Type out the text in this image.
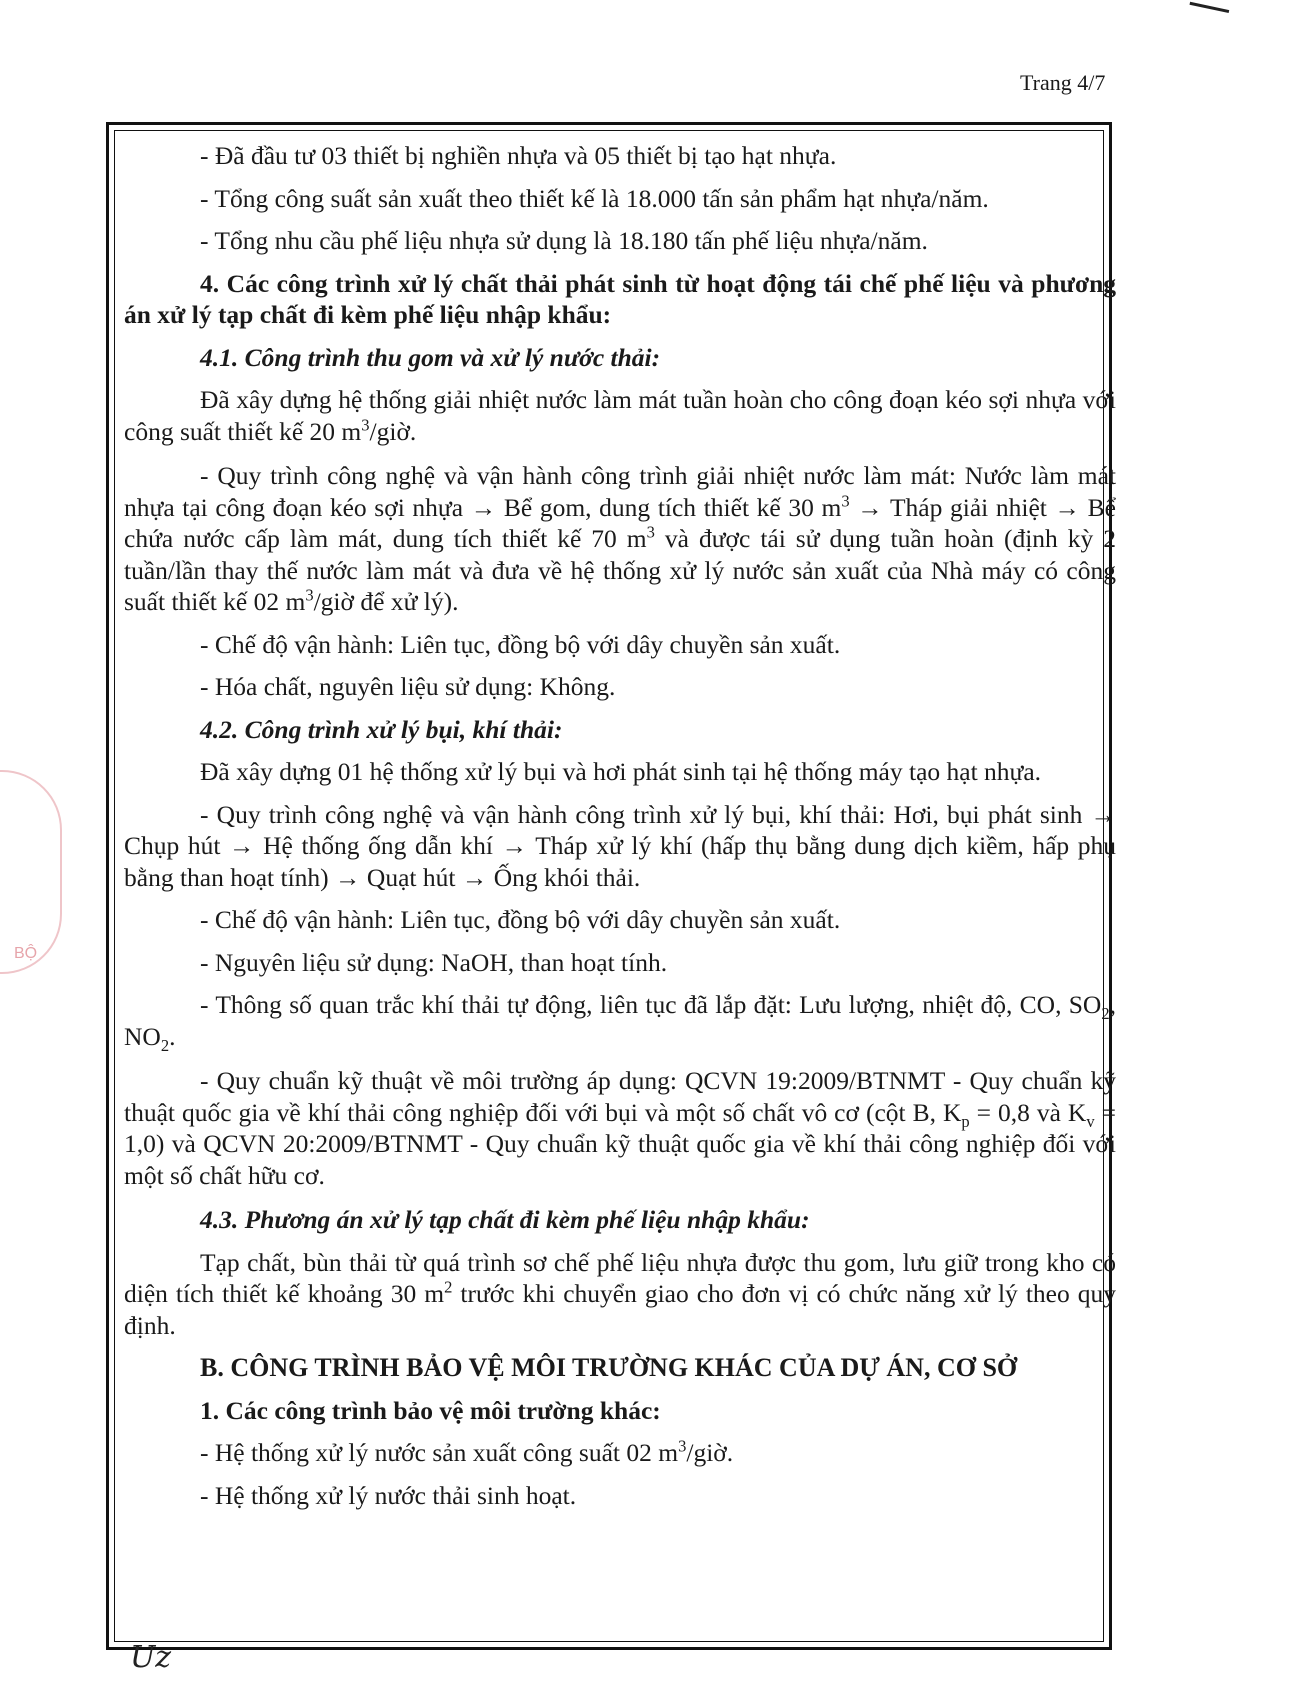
Trang 4/7
BỘ

- Đã đầu tư 03 thiết bị nghiền nhựa và 05 thiết bị tạo hạt nhựa.

- Tổng công suất sản xuất theo thiết kế là 18.000 tấn sản phẩm hạt nhựa/năm.

- Tổng nhu cầu phế liệu nhựa sử dụng là 18.180 tấn phế liệu nhựa/năm.

4. Các công trình xử lý chất thải phát sinh từ hoạt động tái chế phế liệu và phương án xử lý tạp chất đi kèm phế liệu nhập khẩu:

4.1. Công trình thu gom và xử lý nước thải:

Đã xây dựng hệ thống giải nhiệt nước làm mát tuần hoàn cho công đoạn kéo sợi nhựa với công suất thiết kế 20 $m^3$/giờ.

- Quy trình công nghệ và vận hành công trình giải nhiệt nước làm mát: Nước làm mát nhựa tại công đoạn kéo sợi nhựa → Bể gom, dung tích thiết kế 30 $m^3$ → Tháp giải nhiệt → Bể chứa nước cấp làm mát, dung tích thiết kế 70 $m^3$ và được tái sử dụng tuần hoàn (định kỳ 2 tuần/lần thay thế nước làm mát và đưa về hệ thống xử lý nước sản xuất của Nhà máy có công suất thiết kế 02 $m^3$/giờ để xử lý).

- Chế độ vận hành: Liên tục, đồng bộ với dây chuyền sản xuất.

- Hóa chất, nguyên liệu sử dụng: Không.

4.2. Công trình xử lý bụi, khí thải:

Đã xây dựng 01 hệ thống xử lý bụi và hơi phát sinh tại hệ thống máy tạo hạt nhựa.

- Quy trình công nghệ và vận hành công trình xử lý bụi, khí thải: Hơi, bụi phát sinh → Chụp hút → Hệ thống ống dẫn khí → Tháp xử lý khí (hấp thụ bằng dung dịch kiềm, hấp phụ bằng than hoạt tính) → Quạt hút → Ống khói thải.

- Chế độ vận hành: Liên tục, đồng bộ với dây chuyền sản xuất.

- Nguyên liệu sử dụng: NaOH, than hoạt tính.

- Thông số quan trắc khí thải tự động, liên tục đã lắp đặt: Lưu lượng, nhiệt độ, CO, $SO_2$, $NO_2$.

- Quy chuẩn kỹ thuật về môi trường áp dụng: QCVN 19:2009/BTNMT - Quy chuẩn kỹ thuật quốc gia về khí thải công nghiệp đối với bụi và một số chất vô cơ (cột B, $K_p = 0,8$ và $K_v = 1,0$) và QCVN 20:2009/BTNMT - Quy chuẩn kỹ thuật quốc gia về khí thải công nghiệp đối với một số chất hữu cơ.

4.3. Phương án xử lý tạp chất đi kèm phế liệu nhập khẩu:

Tạp chất, bùn thải từ quá trình sơ chế phế liệu nhựa được thu gom, lưu giữ trong kho có diện tích thiết kế khoảng 30 $m^2$ trước khi chuyển giao cho đơn vị có chức năng xử lý theo quy định.

B. CÔNG TRÌNH BẢO VỆ MÔI TRƯỜNG KHÁC CỦA DỰ ÁN, CƠ SỞ

1. Các công trình bảo vệ môi trường khác:

- Hệ thống xử lý nước sản xuất công suất 02 $m^3$/giờ.

- Hệ thống xử lý nước thải sinh hoạt.

Uz
